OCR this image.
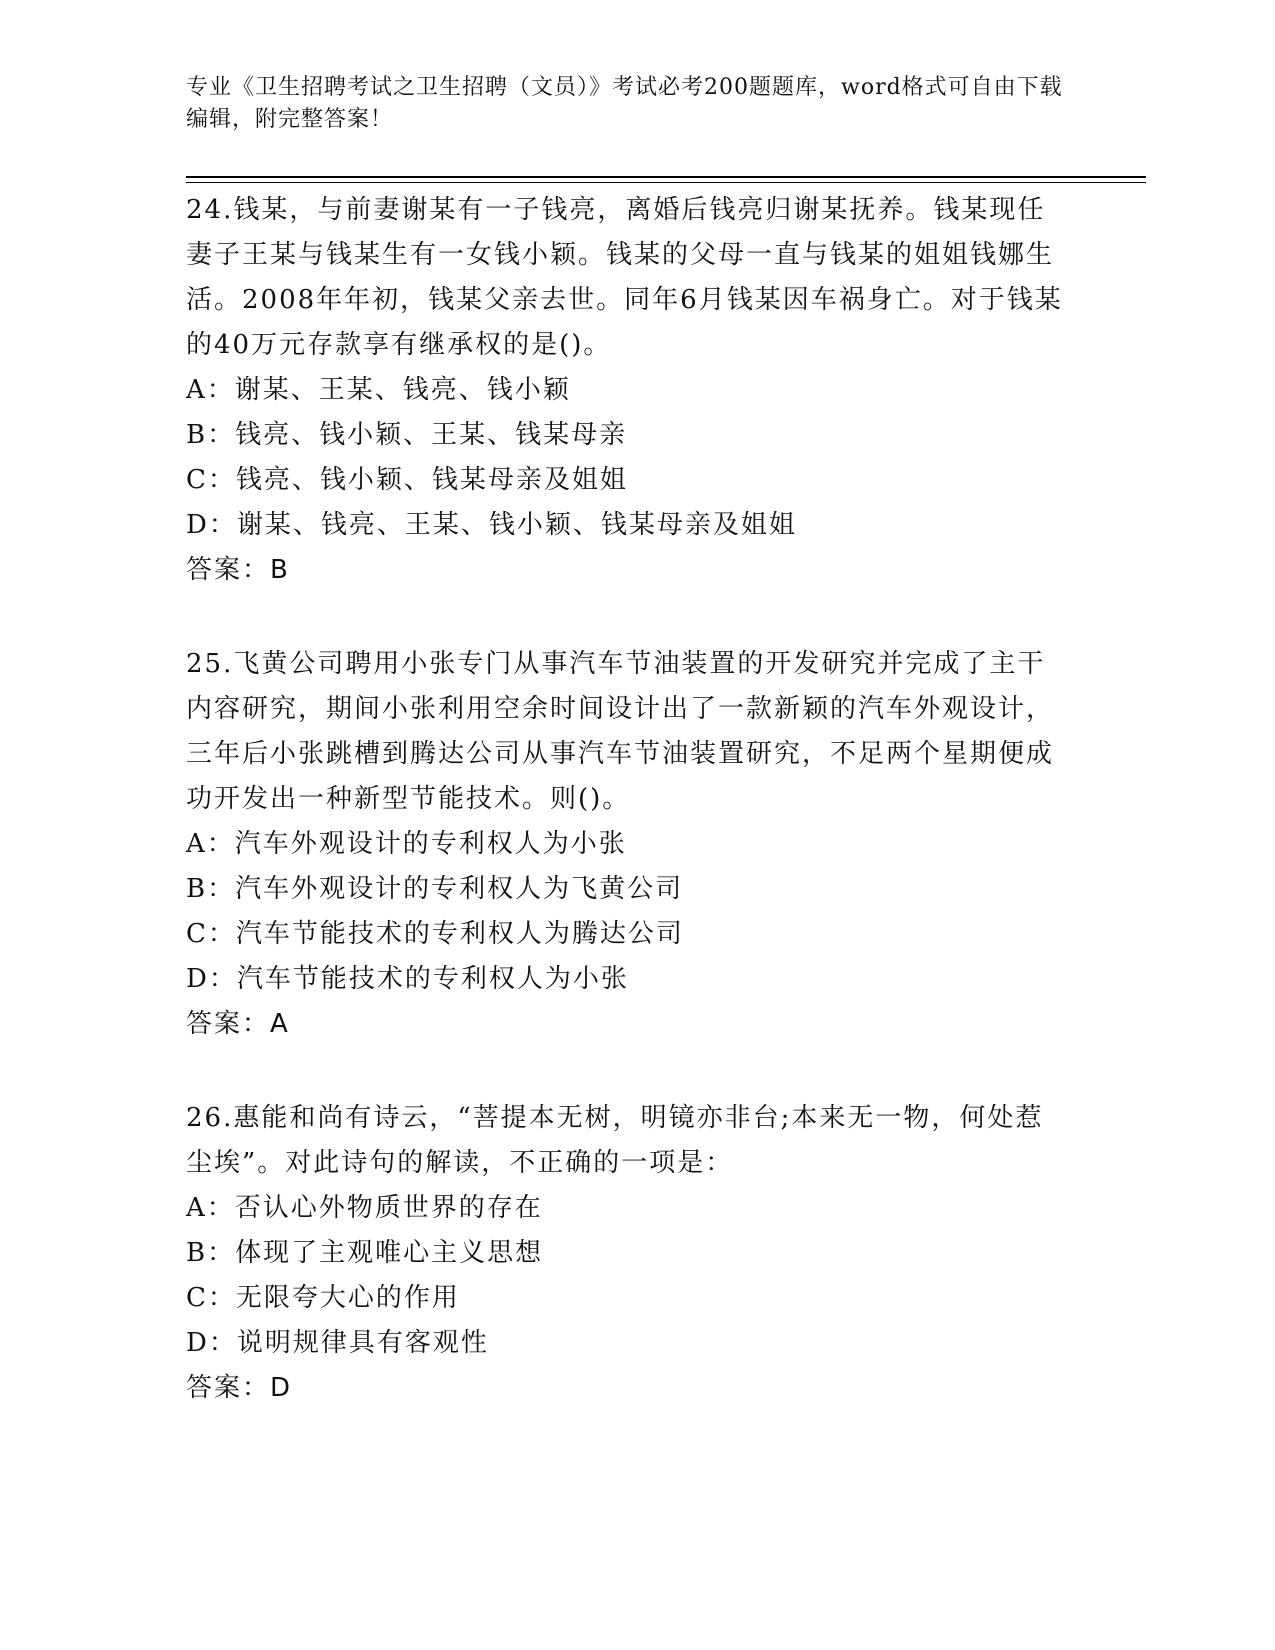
专业《卫生招聘考试之卫生招聘（文员）》考试必考200题题库，word格式可自由下载编辑，附完整答案！
24.钱某，与前妻谢某有一子钱亮，离婚后钱亮归谢某抚养。钱某现任妻子王某与钱某生有一女钱小颖。钱某的父母一直与钱某的姐姐钱娜生活。2008年年初，钱某父亲去世。同年6月钱某因车祸身亡。对于钱某的40万元存款享有继承权的是()。
A：谢某、王某、钱亮、钱小颖
B：钱亮、钱小颖、王某、钱某母亲
C：钱亮、钱小颖、钱某母亲及姐姐
D：谢某、钱亮、王某、钱小颖、钱某母亲及姐姐
答案：B
25.飞黄公司聘用小张专门从事汽车节油装置的开发研究并完成了主干内容研究，期间小张利用空余时间设计出了一款新颖的汽车外观设计，三年后小张跳槽到腾达公司从事汽车节油装置研究，不足两个星期便成功开发出一种新型节能技术。则()。
A：汽车外观设计的专利权人为小张
B：汽车外观设计的专利权人为飞黄公司
C：汽车节能技术的专利权人为腾达公司
D：汽车节能技术的专利权人为小张
答案：A
26.惠能和尚有诗云，“菩提本无树，明镜亦非台;本来无一物，何处惹尘埃”。对此诗句的解读，不正确的一项是：
A：否认心外物质世界的存在
B：体现了主观唯心主义思想
C：无限夸大心的作用
D：说明规律具有客观性
答案：D
